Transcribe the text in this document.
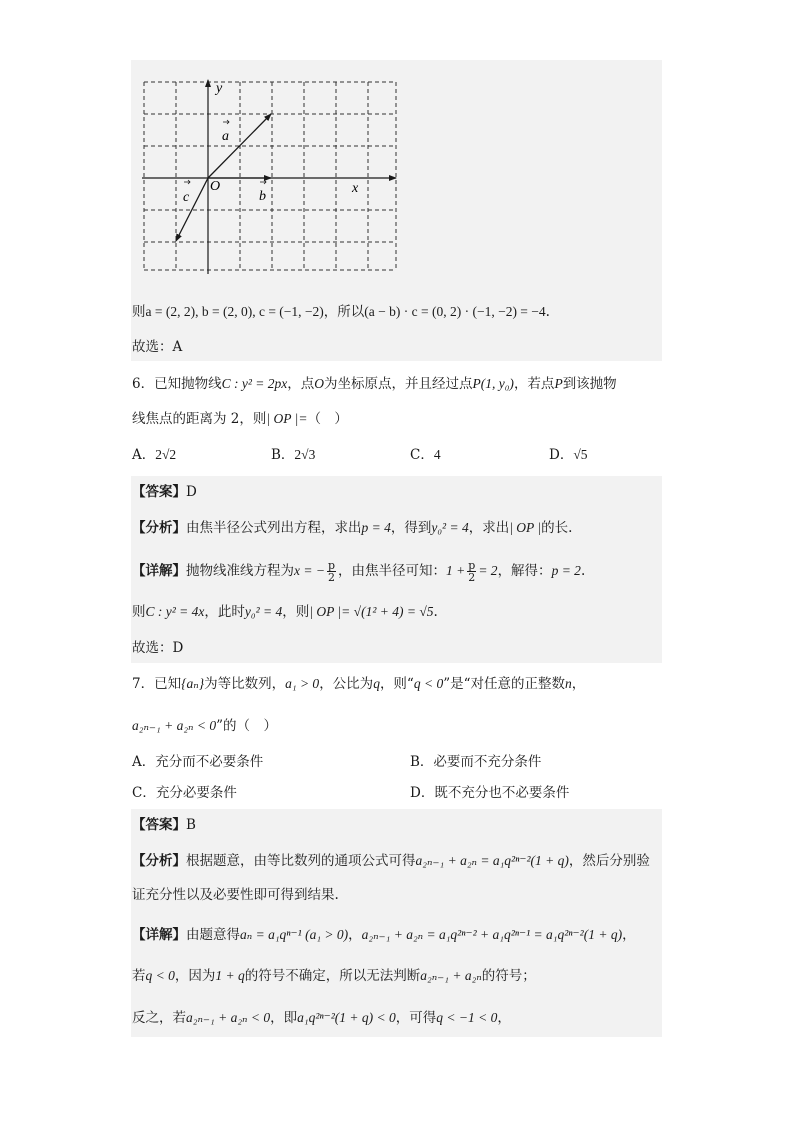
y
x
O
a
b
c
则a = (2, 2), b = (2, 0), c = (−1, −2)，所以(a − b) · c = (0, 2) · (−1, −2) = −4.
故选：A
6．已知抛物线C : y² = 2px，点O为坐标原点，并且经过点P(1, y₀)，若点P到该抛物
线焦点的距离为 2，则| OP |=（　）
A．2√2	B．2√3	C．4	D．√5
【答案】D
【分析】由焦半径公式列出方程，求出p = 4，得到y₀² = 4，求出| OP |的长.
【详解】抛物线准线方程为x = − $\frac{p}{2}$ ，由焦半径可知：$1 + \frac{p}{2} = 2$，解得：p = 2.
则C : y² = 4x，此时y₀² = 4，则| OP |= √(1² + 4) = √5.
故选：D
7．已知{aₙ}为等比数列，a₁ > 0，公比为q，则“q < 0”是“对任意的正整数n，
a₂ₙ₋₁ + a₂ₙ < 0”的（　）
A．充分而不必要条件	B．必要而不充分条件
C．充分必要条件	D．既不充分也不必要条件
【答案】B
【分析】根据题意，由等比数列的通项公式可得a₂ₙ₋₁ + a₂ₙ = a₁q²ⁿ⁻²(1 + q)，然后分别验
证充分性以及必要性即可得到结果.
【详解】由题意得aₙ = a₁qⁿ⁻¹ (a₁ > 0)，a₂ₙ₋₁ + a₂ₙ = a₁q²ⁿ⁻² + a₁q²ⁿ⁻¹ = a₁q²ⁿ⁻²(1 + q)，
若q < 0，因为1 + q的符号不确定，所以无法判断a₂ₙ₋₁ + a₂ₙ的符号；
反之，若a₂ₙ₋₁ + a₂ₙ < 0，即a₁q²ⁿ⁻²(1 + q) < 0，可得q < −1 < 0，
